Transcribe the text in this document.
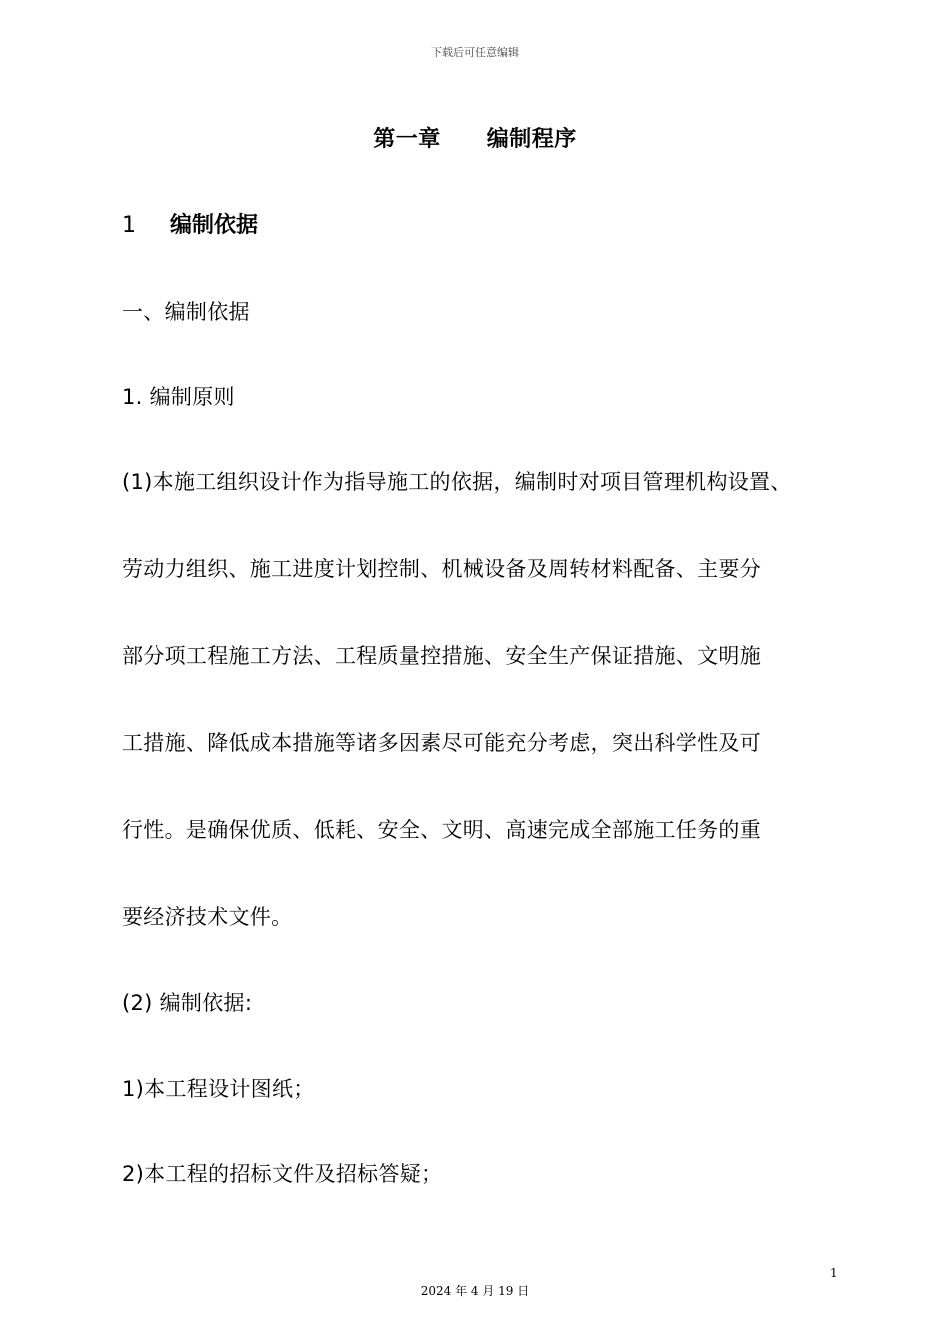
下载后可任意编辑
第一章 编制程序
1 编制依据
一、编制依据
1. 编制原则
(1)本施工组织设计作为指导施工的依据，编制时对项目管理机构设置、
劳动力组织、施工进度计划控制、机械设备及周转材料配备、主要分
部分项工程施工方法、工程质量控措施、安全生产保证措施、文明施
工措施、降低成本措施等诸多因素尽可能充分考虑，突出科学性及可
行性。是确保优质、低耗、安全、文明、高速完成全部施工任务的重
要经济技术文件。
(2) 编制依据:
1)本工程设计图纸；
2)本工程的招标文件及招标答疑；
1
2024 年 4 月 19 日
